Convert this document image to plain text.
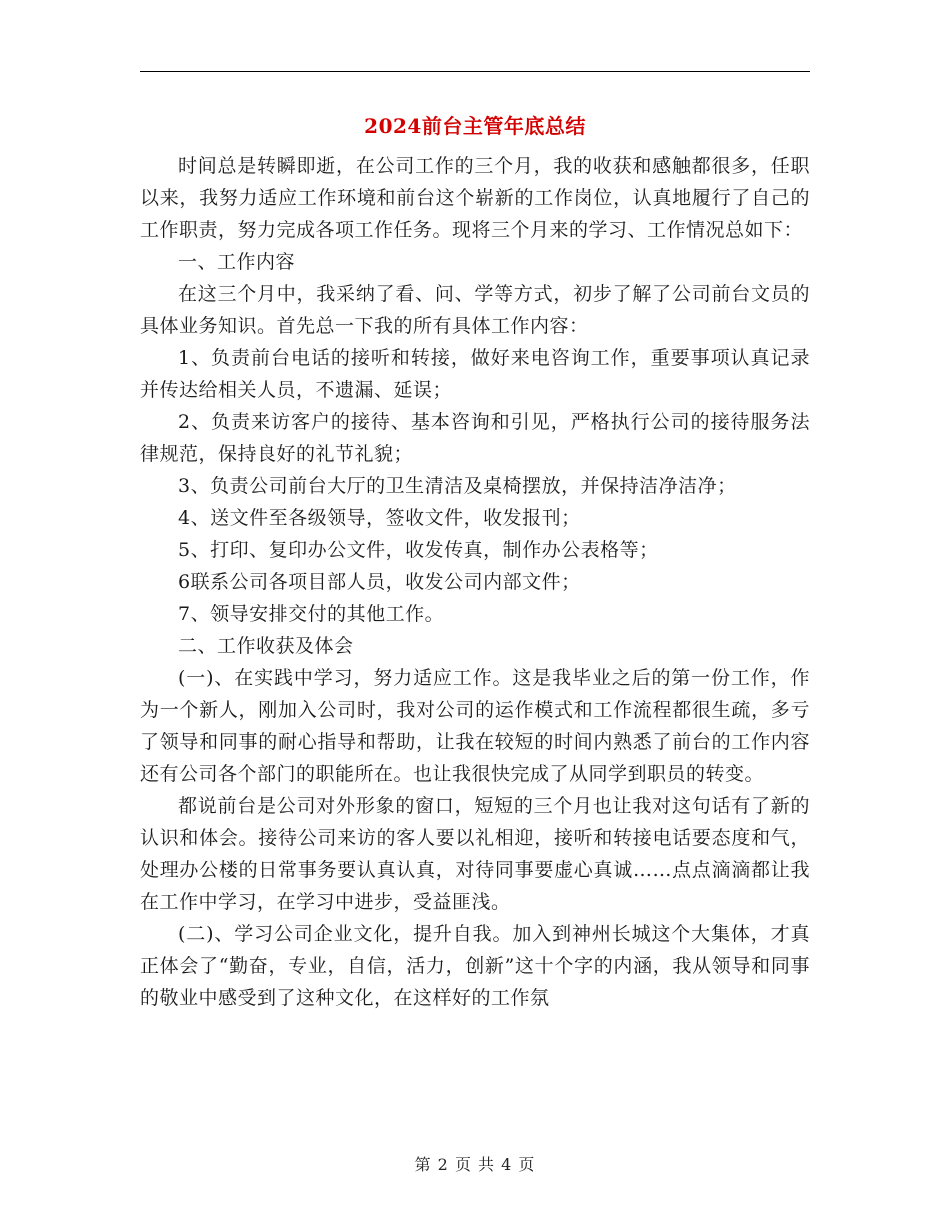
2024前台主管年底总结

时间总是转瞬即逝，在公司工作的三个月，我的收获和感触都很多，任职以来，我努力适应工作环境和前台这个崭新的工作岗位，认真地履行了自己的工作职责，努力完成各项工作任务。现将三个月来的学习、工作情况总如下：

一、工作内容

在这三个月中，我采纳了看、问、学等方式，初步了解了公司前台文员的具体业务知识。首先总一下我的所有具体工作内容：

1、负责前台电话的接听和转接，做好来电咨询工作，重要事项认真记录并传达给相关人员，不遗漏、延误；

2、负责来访客户的接待、基本咨询和引见，严格执行公司的接待服务法律规范，保持良好的礼节礼貌；

3、负责公司前台大厅的卫生清洁及桌椅摆放，并保持洁净洁净；

4、送文件至各级领导，签收文件，收发报刊；

5、打印、复印办公文件，收发传真，制作办公表格等；

6联系公司各项目部人员，收发公司内部文件；

7、领导安排交付的其他工作。

二、工作收获及体会

(一)、在实践中学习，努力适应工作。这是我毕业之后的第一份工作，作为一个新人，刚加入公司时，我对公司的运作模式和工作流程都很生疏，多亏了领导和同事的耐心指导和帮助，让我在较短的时间内熟悉了前台的工作内容还有公司各个部门的职能所在。也让我很快完成了从同学到职员的转变。

都说前台是公司对外形象的窗口，短短的三个月也让我对这句话有了新的认识和体会。接待公司来访的客人要以礼相迎，接听和转接电话要态度和气，处理办公楼的日常事务要认真认真，对待同事要虚心真诚……点点滴滴都让我在工作中学习，在学习中进步，受益匪浅。

(二)、学习公司企业文化，提升自我。加入到神州长城这个大集体，才真正体会了“勤奋，专业，自信，活力，创新”这十个字的内涵，我从领导和同事的敬业中感受到了这种文化，在这样好的工作氛

第 2 页 共 4 页
